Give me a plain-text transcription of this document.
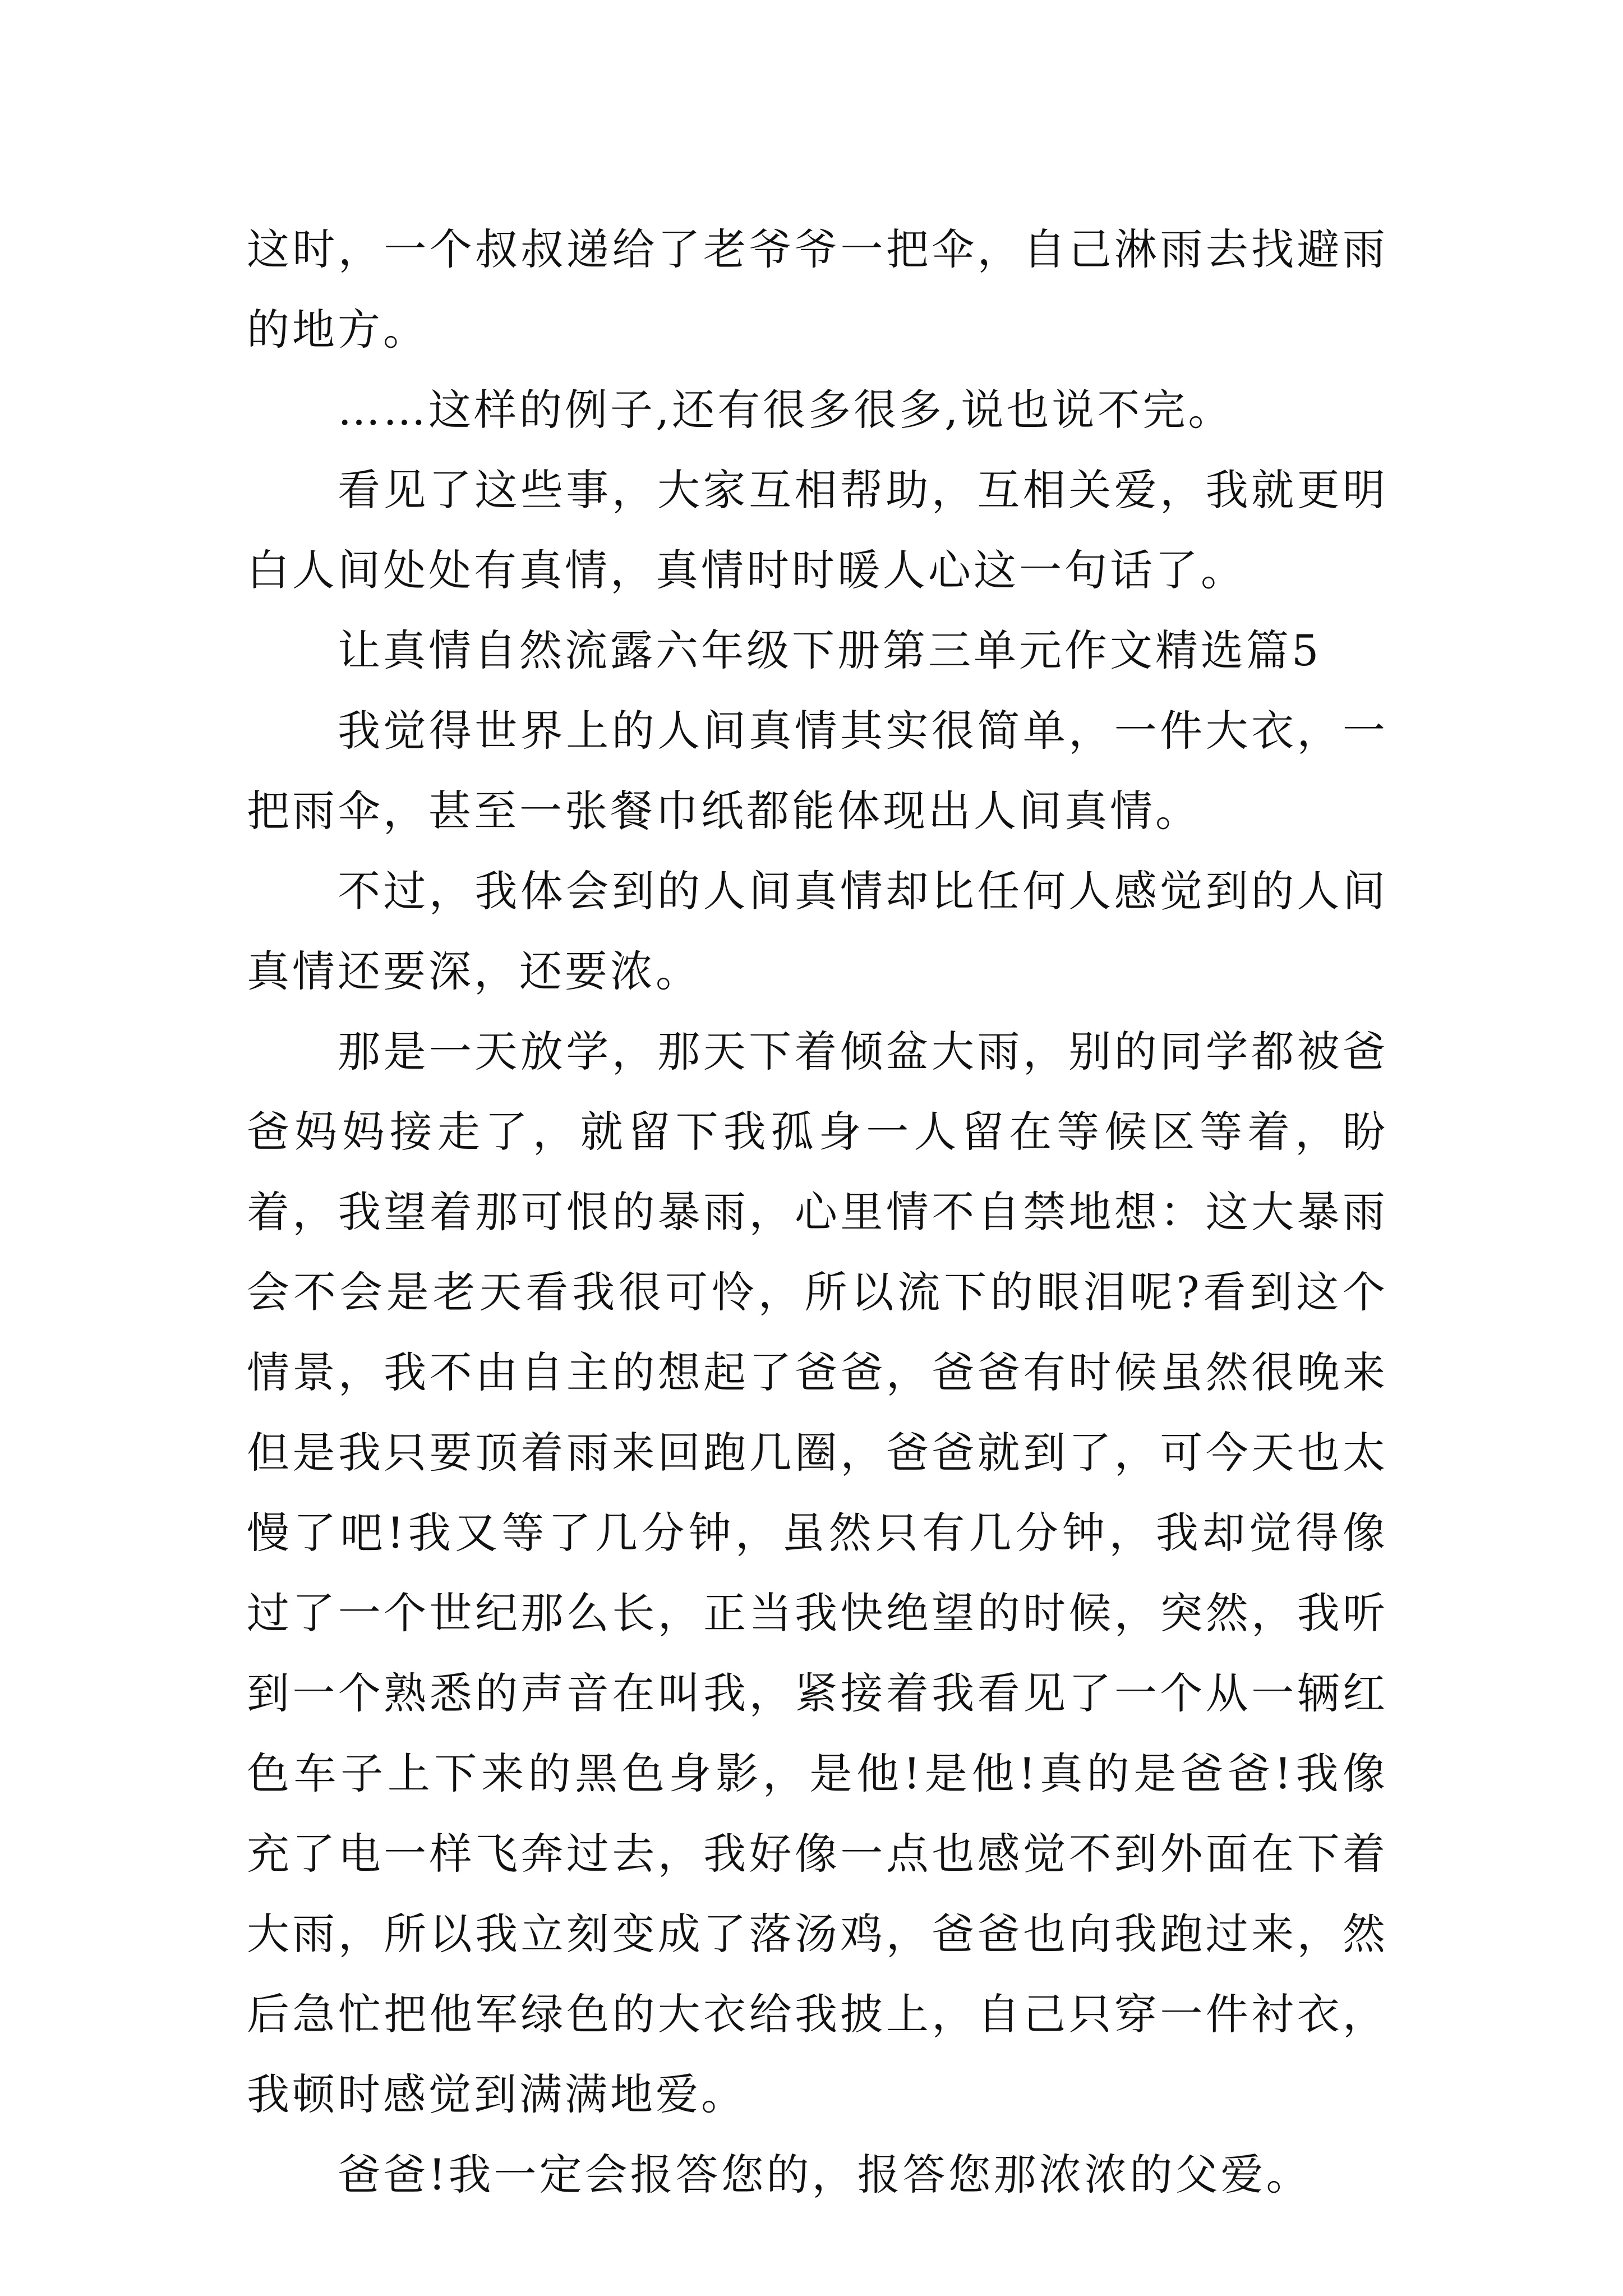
这时，一个叔叔递给了老爷爷一把伞，自己淋雨去找避雨的地方。

……这样的例子,还有很多很多,说也说不完。

看见了这些事，大家互相帮助，互相关爱，我就更明白人间处处有真情，真情时时暖人心这一句话了。

让真情自然流露六年级下册第三单元作文精选篇5

我觉得世界上的人间真情其实很简单，一件大衣，一把雨伞，甚至一张餐巾纸都能体现出人间真情。

不过，我体会到的人间真情却比任何人感觉到的人间真情还要深，还要浓。

那是一天放学，那天下着倾盆大雨，别的同学都被爸爸妈妈接走了，就留下我孤身一人留在等候区等着，盼着，我望着那可恨的暴雨，心里情不自禁地想：这大暴雨会不会是老天看我很可怜，所以流下的眼泪呢?看到这个情景，我不由自主的想起了爸爸，爸爸有时候虽然很晚来但是我只要顶着雨来回跑几圈，爸爸就到了，可今天也太慢了吧!我又等了几分钟，虽然只有几分钟，我却觉得像过了一个世纪那么长，正当我快绝望的时候，突然，我听到一个熟悉的声音在叫我，紧接着我看见了一个从一辆红色车子上下来的黑色身影，是他!是他!真的是爸爸!我像充了电一样飞奔过去，我好像一点也感觉不到外面在下着大雨，所以我立刻变成了落汤鸡，爸爸也向我跑过来，然后急忙把他军绿色的大衣给我披上，自己只穿一件衬衣，我顿时感觉到满满地爱。

爸爸!我一定会报答您的，报答您那浓浓的父爱。
